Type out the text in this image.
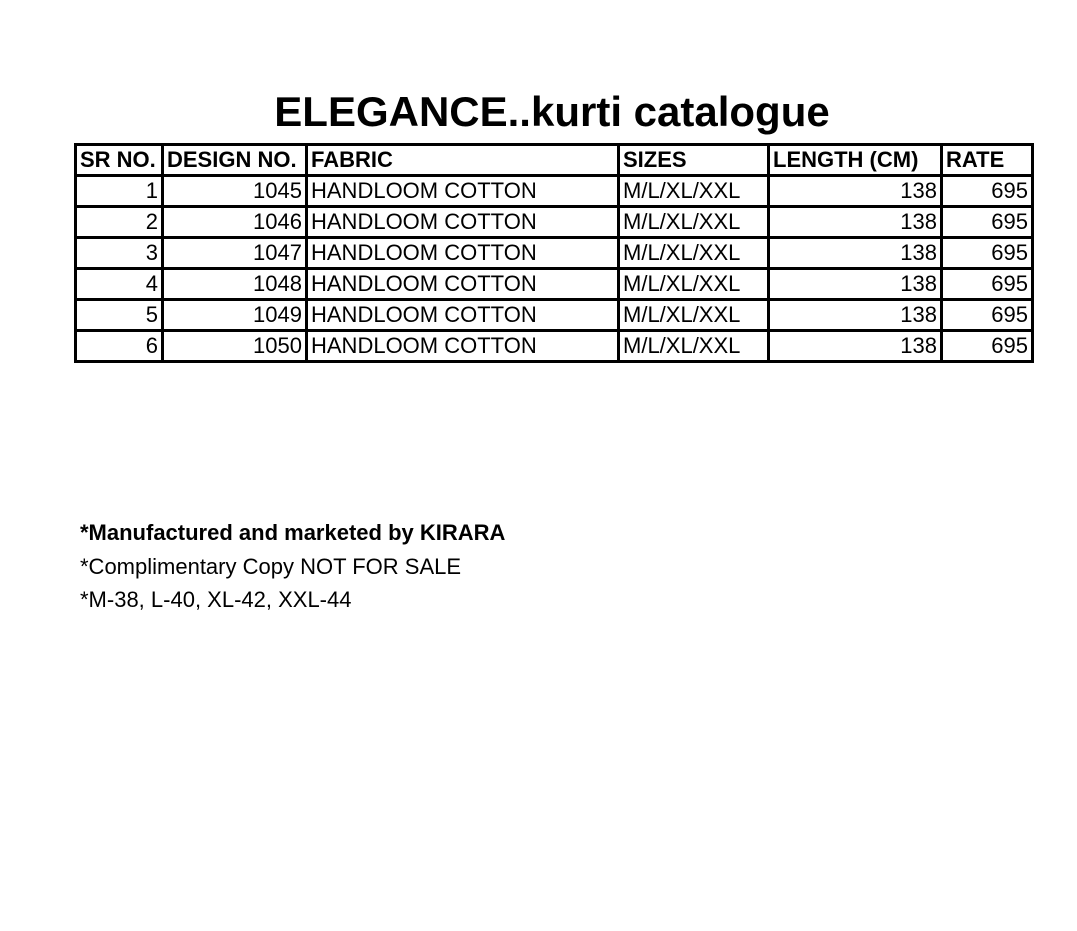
ELEGANCE..kurti catalogue
SR NO.	DESIGN NO.	FABRIC	SIZES	LENGTH (CM)	RATE
1	1045	HANDLOOM COTTON	M/L/XL/XXL	138	695
2	1046	HANDLOOM COTTON	M/L/XL/XXL	138	695
3	1047	HANDLOOM COTTON	M/L/XL/XXL	138	695
4	1048	HANDLOOM COTTON	M/L/XL/XXL	138	695
5	1049	HANDLOOM COTTON	M/L/XL/XXL	138	695
6	1050	HANDLOOM COTTON	M/L/XL/XXL	138	695
*Manufactured and marketed by KIRARA
*Complimentary Copy NOT FOR SALE
*M-38, L-40, XL-42, XXL-44
